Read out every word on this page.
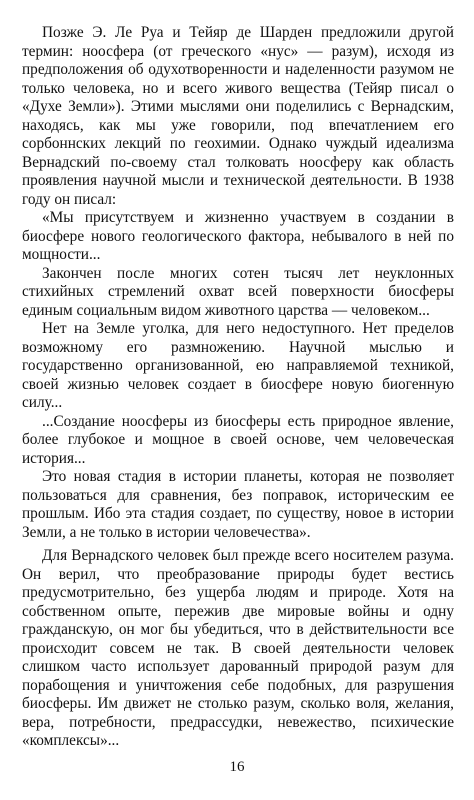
Позже Э. Ле Руа и Тейяр де Шарден предложили другой термин: ноосфера (от греческого «нус» — разум), исходя из предположения об одухотворенности и наделенности разумом не только человека, но и всего живого вещества (Тейяр писал о «Духе Земли»). Этими мыслями они поделились с Вернадским, находясь, как мы уже говорили, под впечатлением его сорбоннских лекций по геохимии. Однако чуждый идеализма Вернадский по-своему стал толковать ноосферу как область проявления научной мысли и технической деятельности. В 1938 году он писал:

«Мы присутствуем и жизненно участвуем в создании в биосфере нового геологического фактора, небывалого в ней по мощности...

Закончен после многих сотен тысяч лет неуклонных стихийных стремлений охват всей поверхности биосферы единым социальным видом животного царства — человеком...

Нет на Земле уголка, для него недоступного. Нет пределов возможному его размножению. Научной мыслью и государственно организованной, ею направляемой техникой, своей жизнью человек создает в биосфере новую биогенную силу...

...Создание ноосферы из биосферы есть природное явление, более глубокое и мощное в своей основе, чем человеческая история...

Это новая стадия в истории планеты, которая не позволяет пользоваться для сравнения, без поправок, историческим ее прошлым. Ибо эта стадия создает, по существу, новое в истории Земли, а не только в истории человечества».

Для Вернадского человек был прежде всего носителем разума. Он верил, что преобразование природы будет вестись предусмотрительно, без ущерба людям и природе. Хотя на собственном опыте, пережив две мировые войны и одну гражданскую, он мог бы убедиться, что в действительности все происходит совсем не так. В своей деятельности человек слишком часто использует дарованный природой разум для порабощения и уничтожения себе подобных, для разрушения биосферы. Им движет не столько разум, сколько воля, желания, вера, потребности, предрассудки, невежество, психические «комплексы»...

16
